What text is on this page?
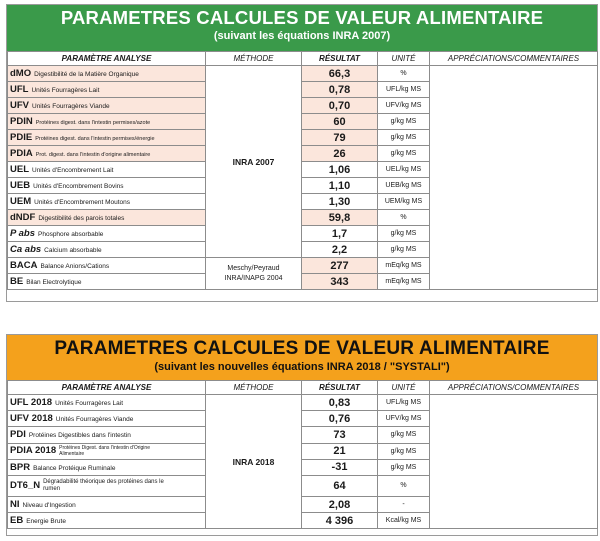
PARAMETRES CALCULES DE VALEUR ALIMENTAIRE
(suivant les équations INRA 2007)
PARAMÈTRE ANALYSE	MÉTHODE	RÉSULTAT	UNITÉ	APPRÉCIATIONS/COMMENTAIRES
dMO Digestibilité de la Matière Organique	INRA 2007	66,3	%	
UFL Unités Fourragères Lait		0,78	UFL/kg MS	
UFV Unités Fourragères Viande		0,70	UFV/kg MS	
PDIN Protéines digest. dans l'intestin permises/azote		60	g/kg MS	
PDIE Protéines digest. dans l'intestin permises/énergie		79	g/kg MS	
PDIA Prot. digest. dans l'intestin d'origine alimentaire		26	g/kg MS	
UEL Unités d'Encombrement Lait		1,06	UEL/kg MS	
UEB Unités d'Encombrement Bovins		1,10	UEB/kg MS	
UEM Unités d'Encombrement Moutons		1,30	UEM/kg MS	
dNDF Digestibilité des parois totales		59,8	%	
P abs Phosphore absorbable		1,7	g/kg MS	
Ca abs Calcium absorbable		2,2	g/kg MS	
BACA Balance Anions/Cations	Meschy/Peyraud INRA/INAPG 2004	277	mEq/kg MS	
BE Bilan Electrolytique		343	mEq/kg MS	
PARAMETRES CALCULES DE VALEUR ALIMENTAIRE
(suivant les nouvelles équations INRA 2018 / "SYSTALI")
PARAMÈTRE ANALYSE	MÉTHODE	RÉSULTAT	UNITÉ	APPRÉCIATIONS/COMMENTAIRES
UFL 2018 Unités Fourragères Lait	INRA 2018	0,83	UFL/kg MS	
UFV 2018 Unités Fourragères Viande		0,76	UFV/kg MS	
PDI Protéines Digestibles dans l'intestin		73	g/kg MS	
PDIA 2018 Protéines Digest. dans l'intestin d'Origine Alimentaire		21	g/kg MS	
BPR Balance Protéique Ruminale		-31	g/kg MS	
DT6_N Dégradabilité théorique des protéines dans le rumen		64	%	
NI Niveau d'Ingestion		2,08	-	
EB Energie Brute		4 396	Kcal/kg MS	
